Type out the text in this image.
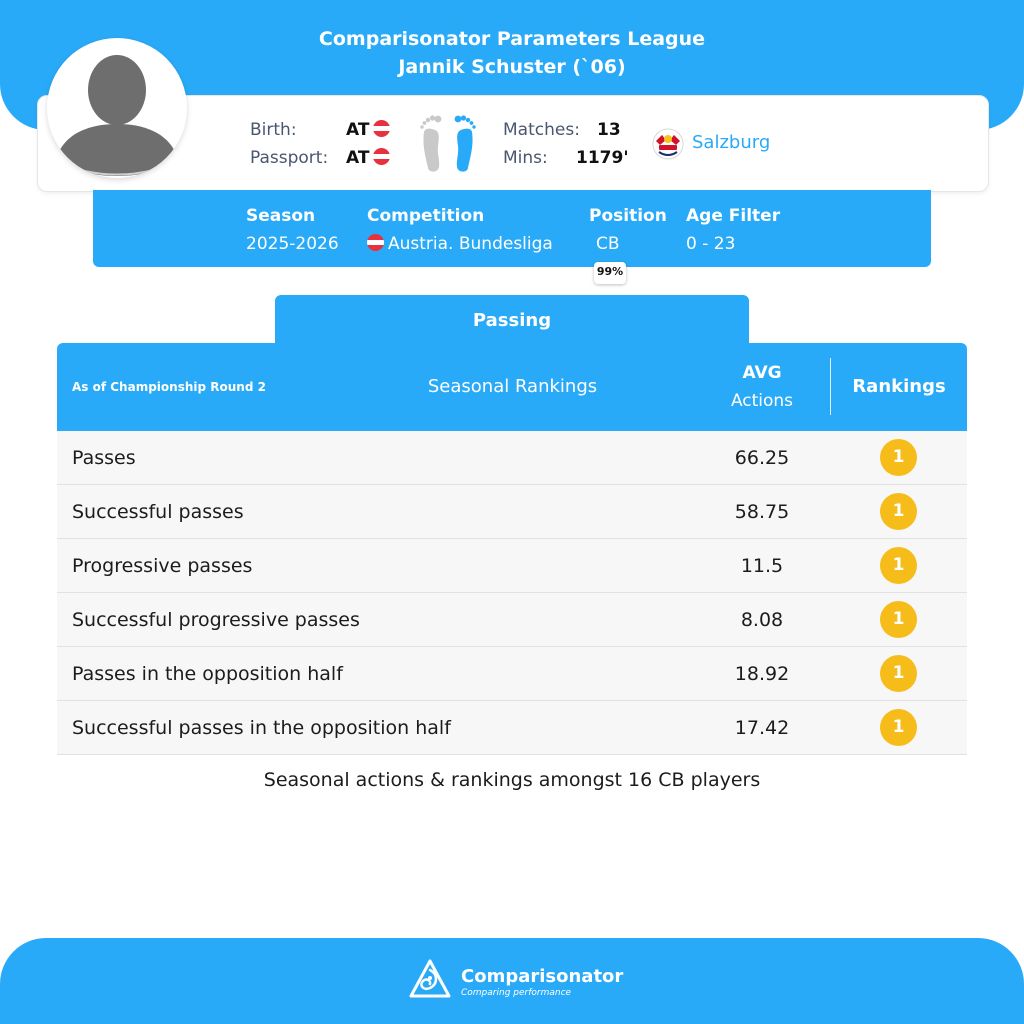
Comparisonator Parameters League
Jannik Schuster (`06)
Birth:	AT
Passport: AT
Matches: 13
Mins: 1179'
Salzburg
Season
2025-2026
Competition
Austria. Bundesliga
Position
CB
99%
Age Filter
0 - 23
Passing
As of Championship Round 2	Seasonal Rankings
AVG
Actions
Rankings
Passes	66.25	1
Successful passes	58.75	1
Progressive passes	11.5	1
Successful progressive passes	8.08	1
Passes in the opposition half	18.92	1
Successful passes in the opposition half	17.42	1
Seasonal actions & rankings amongst 16 CB players
Comparisonator
Comparing performance
